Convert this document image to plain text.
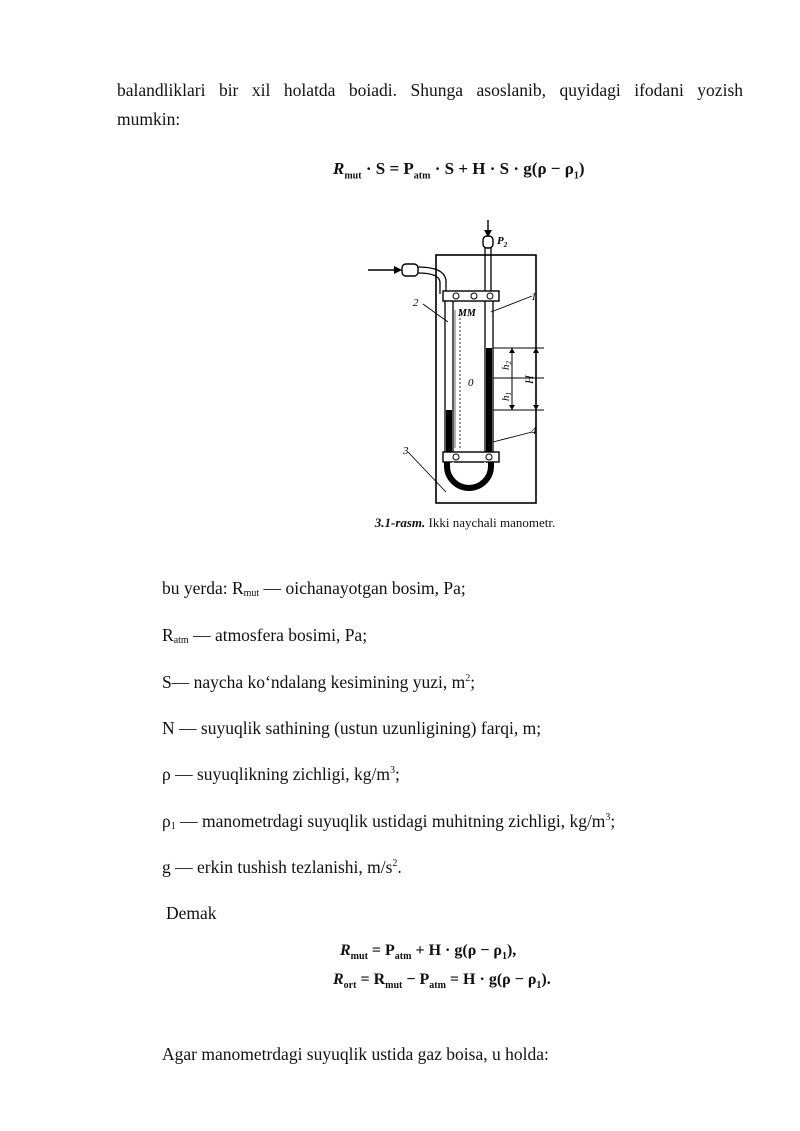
balandliklari bir xil holatda boiadi. Shunga asoslanib, quyidagi ifodani yozish
mumkin:
$R_{mut} \cdot S = P_{atm} \cdot S + H \cdot S \cdot g(\rho - \rho_1)$
$P_2$
MM
1
2
3
4
0
h2
h1
H
3.1-rasm. Ikki naychali manometr.
bu yerda: $R_{mut}$ — oichanayotgan bosim, Pa;
$R_{atm}$ — atmosfera bosimi, Pa;
S— naycha ko‘ndalang kesimining yuzi, $m^2$;
N — suyuqlik sathining (ustun uzunligining) farqi, m;
ρ — suyuqlikning zichligi, $kg/m^3$;
$\rho_1$ — manometrdagi suyuqlik ustidagi muhitning zichligi, $kg/m^3$;
g — erkin tushish tezlanishi, $m/s^2$.
Demak
$R_{mut} = P_{atm} + H \cdot g(\rho - \rho_1)$,
$R_{ort} = R_{mut} - P_{atm} = H \cdot g(\rho - \rho_1)$.
Agar manometrdagi suyuqlik ustida gaz boisa, u holda:
